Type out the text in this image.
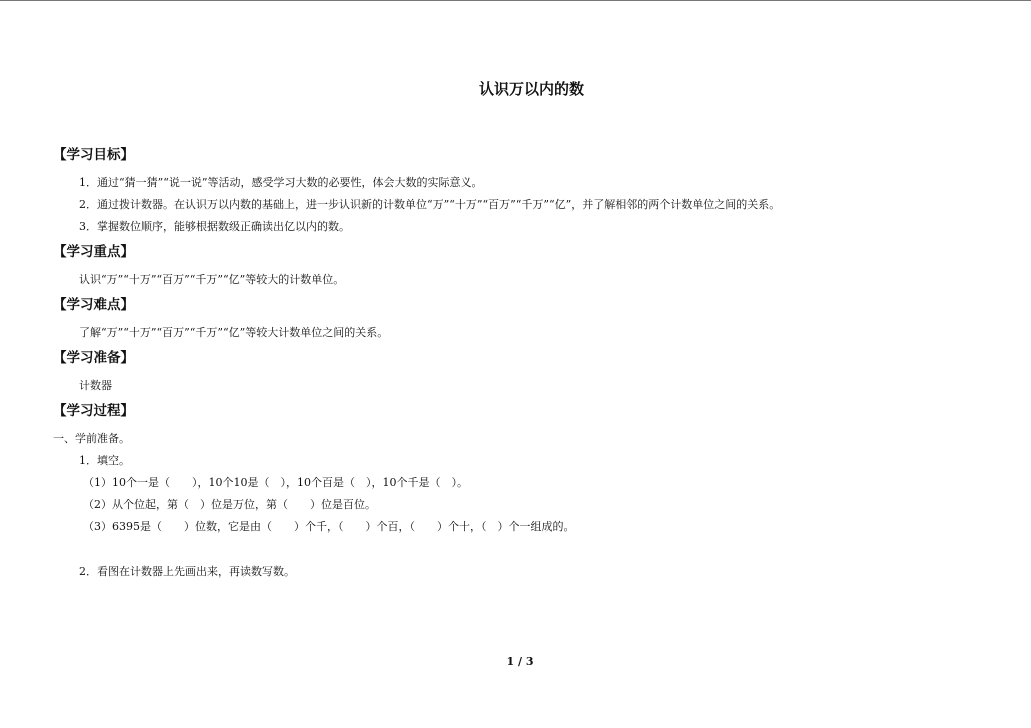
认识万以内的数
【学习目标】
1．通过“猜一猜”“说一说”等活动，感受学习大数的必要性，体会大数的实际意义。
2．通过拨计数器。在认识万以内数的基础上，进一步认识新的计数单位“万”“十万”“百万”“千万”“亿”，并了解相邻的两个计数单位之间的关系。
3．掌握数位顺序，能够根据数级正确读出亿以内的数。
【学习重点】
认识“万”“十万”“百万”“千万”“亿”等较大的计数单位。
【学习难点】
了解“万”“十万”“百万”“千万”“亿”等较大计数单位之间的关系。
【学习准备】
计数器
【学习过程】
一、学前准备。
1．填空。
（1）10个一是（　　），10个10是（　），10个百是（　），10个千是（　）。
（2）从个位起，第（　）位是万位，第（　　）位是百位。
（3）6395是（　　）位数，它是由（　　）个千，（　　）个百，（　　）个十，（　）个一组成的。
2．看图在计数器上先画出来，再读数写数。
1 / 3
